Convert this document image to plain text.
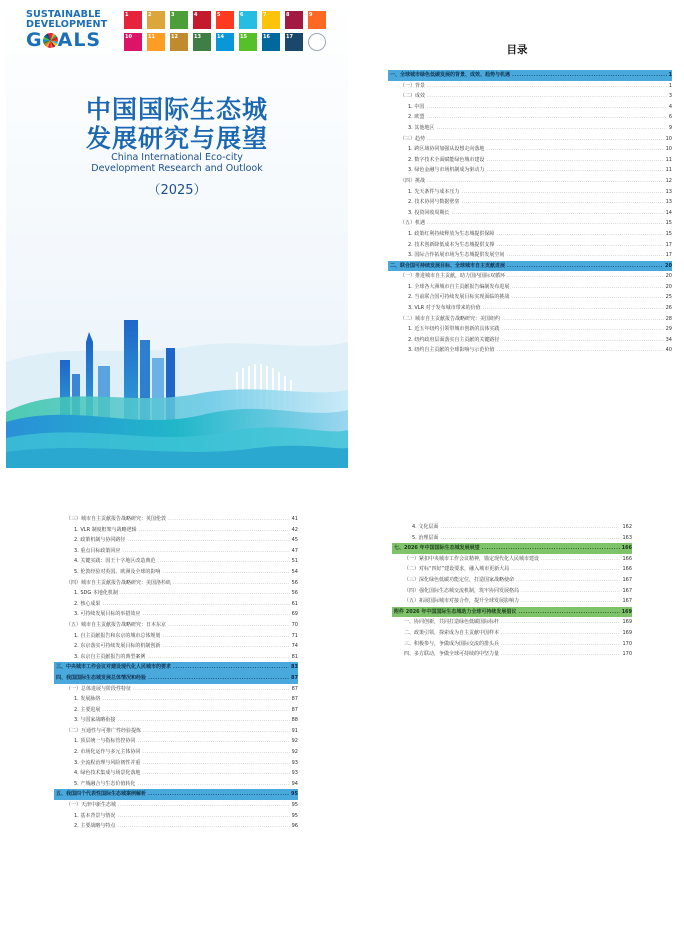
SUSTAINABLE
DEVELOPMENT
G ALS
1	2	3	4	5	6	7	8	9
10	11	12	13	14	15	16	17
中国国际生态城
发展研究与展望
China International Eco-city
Development Research and Outlook
（2025）
目录
一、全球城市绿色低碳发展的背景、成效、趋势与机遇 .....	1
（一）背景 .....	1
（二）成效 .....	3
1. 中国 .....	4
2. 欧盟 .....	6
3. 其他地区 .....	9
（三）趋势 .....	10
1. 跨区域协同加强从设想走向落地 .....	10
2. 数字技术全面赋能绿色城市建设 .....	11
3. 绿色金融与市场机制成为驱动力 .....	11
（四）挑战 .....	12
1. 先天条件与成本压力 .....	13
2. 技术协同与数据壁垒 .....	13
3. 投资回收周期长 .....	14
（五）机遇 .....	15
1. 政策红利持续释放为生态城提供保障 .....	15
2. 技术创新降低成本为生态城提供支撑 .....	17
3. 国际合作拓展市场为生态城提供发展空间 .....	17
二、联合国可持续发展目标、全球城市自主贡献进展 .....	20
（一）推进城市自主贡献，助力国内国际双循环 .....	20
1. 全球各大洲城市自主贡献报告编制发布进展 .....	20
2. 当前联合国可持续发展目标实现面临的挑战 .....	25
3. VLR 对于发布城市带来的价值 .....	26
（二）城市自主贡献报告战略研究：美国纽约 .....	28
1. 近五年纽约引领带城市创新的具体实践 .....	29
2. 纽约政府层面落实自主贡献的关键路径 .....	34
3. 纽约自主贡献的全球影响与示范价值 .....	40
（三）城市自主贡献报告战略研究：英国伦敦 .....	41
1. VLR 制度框架与战略逻辑 .....	42
2. 政策机制与协同路径 .....	45
3. 重点目标政策回应 .....	47
4. 关键实践：国王十字地区改造典范 .....	51
5. 伦敦经验对英国、欧洲及全球的影响 .....	54
（四）城市自主贡献报告战略研究：美国洛杉矶 .....	56
1. SDG 本地化机制 .....	56
2. 核心成果 .....	61
3. 可持续发展目标的举措效应 .....	69
（五）城市自主贡献报告战略研究：日本东京 .....	70
1. 自主贡献报告和东京的城市总体规划 .....	71
2. 东京落实可持续发展目标的机制创新 .....	74
3. 东京自主贡献报告的典型案例 .....	81
三、中央城市工作会议对建设现代化人民城市的要求 .....	83
四、我国国际生态城发展总体情况和经验 .....	87
（一）总体进展与阶段性特征 .....	87
1. 发展脉络 .....	87
2. 主要进展 .....	87
3. 与国家战略衔接 .....	88
（二）互通性与可推广性经验提炼 .....	91
1. 顶层统一与指标管控协同 .....	92
2. 市场化运作与多元主体协同 .....	92
3. 全流程治理与风险韧性并重 .....	93
4. 绿色技术集成与场景化落地 .....	93
5. 产城融合与生态价值转化 .....	94
五、我国四个代表性国际生态城案例解析 .....	95
（一）天津中新生态城 .....	95
1. 基本背景与情况 .....	95
2. 主要战略与特点 .....	96
4. 文化层面 .....	162
5. 治理层面 .....	163
七、2026 年中国国际生态城发展展望 .....	166
（一）紧扣中央城市工作会议精神，锚定现代化人民城市建设 .....	166
（二）对标“四好”建设要求，融入城市更新大局 .....	166
（三）深化绿色低碳功能定位，打造国家战略使命 .....	167
（四）强化国际生态城交流机制，筑牢协同发展格局 .....	167
（五）拓展国际城市对接合作，提升全球发展影响力 .....	167
附件 2026 年中国国际生态城助力全球可持续发展倡议 .....	169
一、协同创新，共同打造绿色低碳国际标杆 .....	169
二、政策引领，探索成为自主贡献中国样本 .....	169
三、积极参与，争做成为国际交流的排头兵 .....	170
四、多方联动，争做全球可持续的中坚力量 .....	170
